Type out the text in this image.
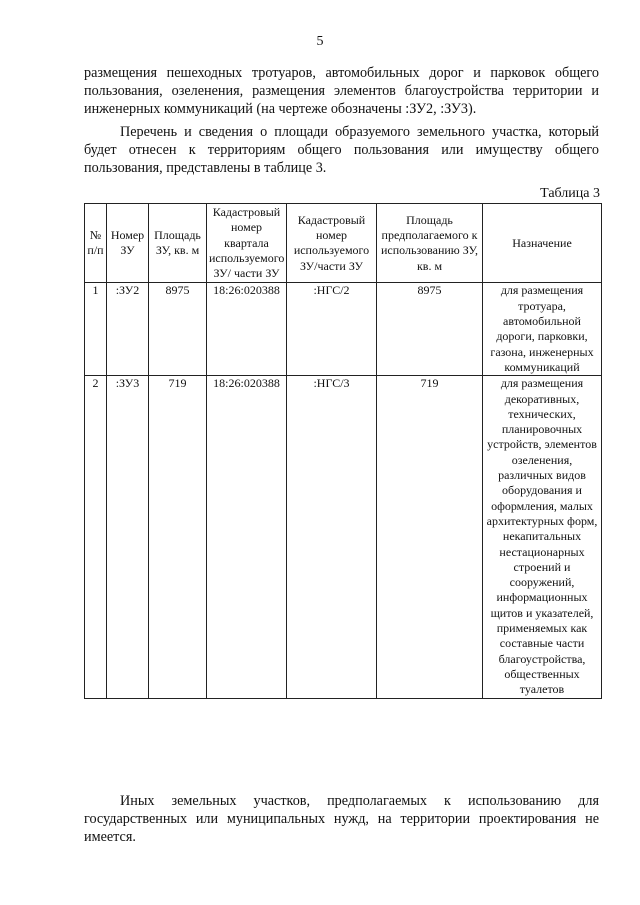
5

размещения пешеходных тротуаров, автомобильных дорог и парковок общего пользования, озеленения, размещения элементов благоустройства территории и инженерных коммуникаций (на чертеже обозначены :ЗУ2, :ЗУ3).

Перечень и сведения о площади образуемого земельного участка, который будет отнесен к территориям общего пользования или имуществу общего пользования, представлены в таблице 3.

Таблица 3
№ п/п	Номер ЗУ	Площадь ЗУ, кв. м	Кадастровый номер квартала используемого ЗУ/ части ЗУ	Кадастровый номер используемого ЗУ/части ЗУ	Площадь предполагаемого к использованию ЗУ, кв. м	Назначение
1	:ЗУ2	8975	18:26:020388	:НГС/2	8975	для размещения тротуара, автомобильной дороги, парковки, газона, инженерных коммуникаций
2	:ЗУ3	719	18:26:020388	:НГС/3	719	для размещения декоративных, технических, планировочных устройств, элементов озеленения, различных видов оборудования и оформления, малых архитектурных форм, некапитальных нестационарных строений и сооружений, информационных щитов и указателей, применяемых как составные части благоустройства, общественных туалетов

Иных земельных участков, предполагаемых к использованию для государственных или муниципальных нужд, на территории проектирования не имеется.
